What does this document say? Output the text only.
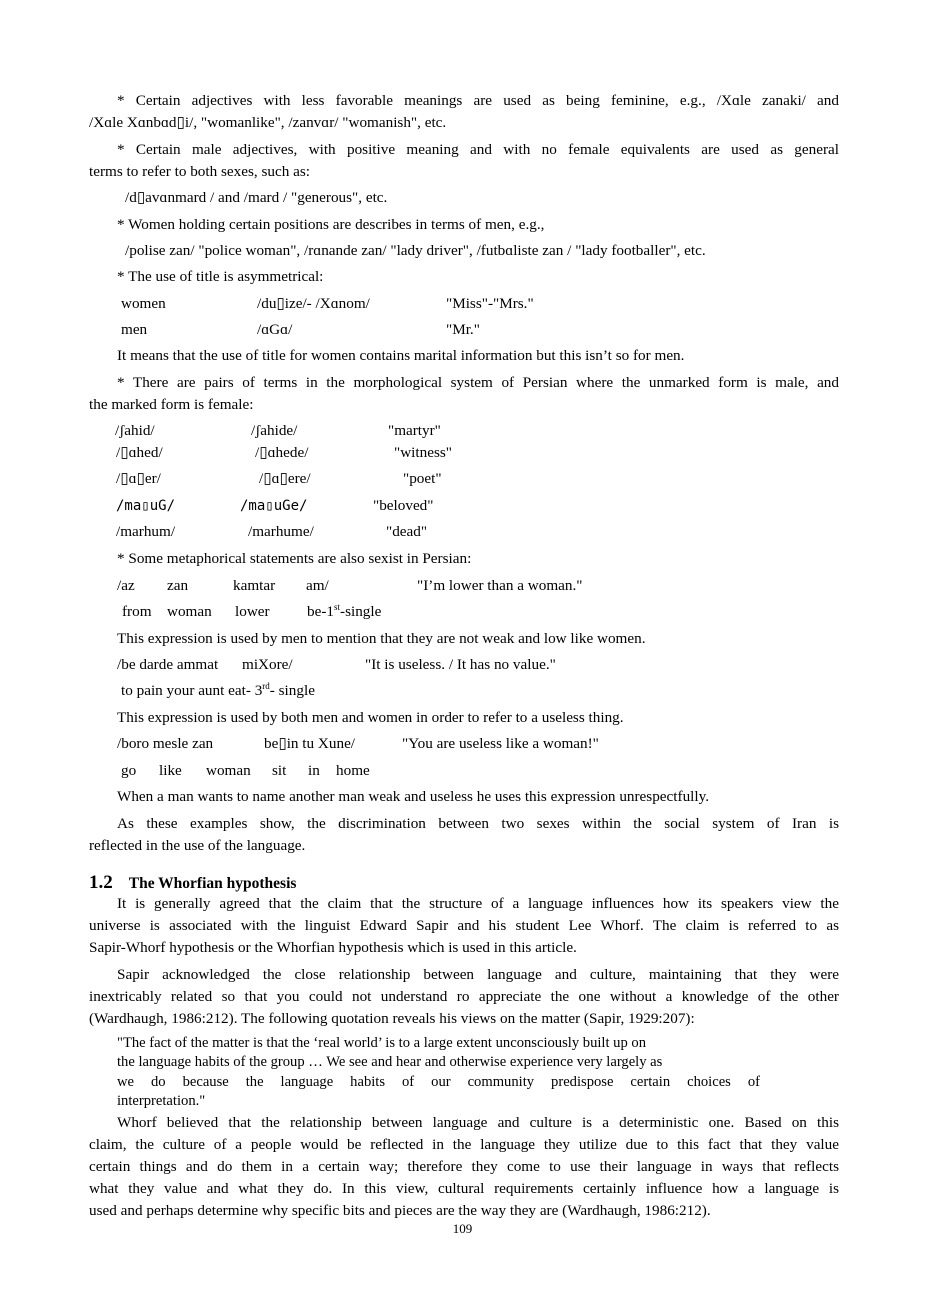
* Certain adjectives with less favorable meanings are used as being feminine, e.g., /Xɑle zanaki/ and
/Xɑle Xɑnbɑd▯i/, "womanlike", /zanvɑr/ "womanish", etc.
* Certain male adjectives, with positive meaning and with no female equivalents are used as general
terms to refer to both sexes, such as:
/d▯avɑnmard / and /mard / "generous", etc.
* Women holding certain positions are describes in terms of men, e.g.,
/polise zan/ "police woman", /rɑnande zan/ "lady driver", /futbɑliste zan / "lady footballer", etc.
* The use of title is asymmetrical:
women	/du▯ize/- /Xɑnom/	"Miss"-"Mrs."
men	/ɑGɑ/	"Mr."
It means that the use of title for women contains marital information but this isn’t so for men.
* There are pairs of terms in the morphological system of Persian where the unmarked form is male, and
the marked form is female:
/ʃahid/	/ʃahide/	"martyr"
/▯ɑhed/	/▯ɑhede/	"witness"
/▯ɑ▯er/	/▯ɑ▯ere/	"poet"
/ma▯uG/	/ma▯uGe/	"beloved"
/marhum/	/marhume/	"dead"
* Some metaphorical statements are also sexist in Persian:
/az zan	kamtar am/	"I’m lower than a woman."
from woman lower be-1st-single
This expression is used by men to mention that they are not weak and low like women.
/be darde ammat miXore/	"It is useless. / It has no value."
to pain your aunt eat- 3rd- single
This expression is used by both men and women in order to refer to a useless thing.
/boro mesle zan	be▯in tu Xune/	"You are useless like a woman!"
go like woman sit in home
When a man wants to name another man weak and useless he uses this expression unrespectfully.
As these examples show, the discrimination between two sexes within the social system of Iran is
reflected in the use of the language.
1.2 The Whorfian hypothesis
It is generally agreed that the claim that the structure of a language influences how its speakers view the
universe is associated with the linguist Edward Sapir and his student Lee Whorf. The claim is referred to as
Sapir-Whorf hypothesis or the Whorfian hypothesis which is used in this article.
Sapir acknowledged the close relationship between language and culture, maintaining that they were
inextricably related so that you could not understand ro appreciate the one without a knowledge of the other
(Wardhaugh, 1986:212). The following quotation reveals his views on the matter (Sapir, 1929:207):
"The fact of the matter is that the ‘real world’ is to a large extent unconsciously built up on
the language habits of the group … We see and hear and otherwise experience very largely as
we do because the language habits of our community predispose certain choices of
interpretation."
Whorf believed that the relationship between language and culture is a deterministic one. Based on this
claim, the culture of a people would be reflected in the language they utilize due to this fact that they value
certain things and do them in a certain way; therefore they come to use their language in ways that reflects
what they value and what they do. In this view, cultural requirements certainly influence how a language is
used and perhaps determine why specific bits and pieces are the way they are (Wardhaugh, 1986:212).
109
